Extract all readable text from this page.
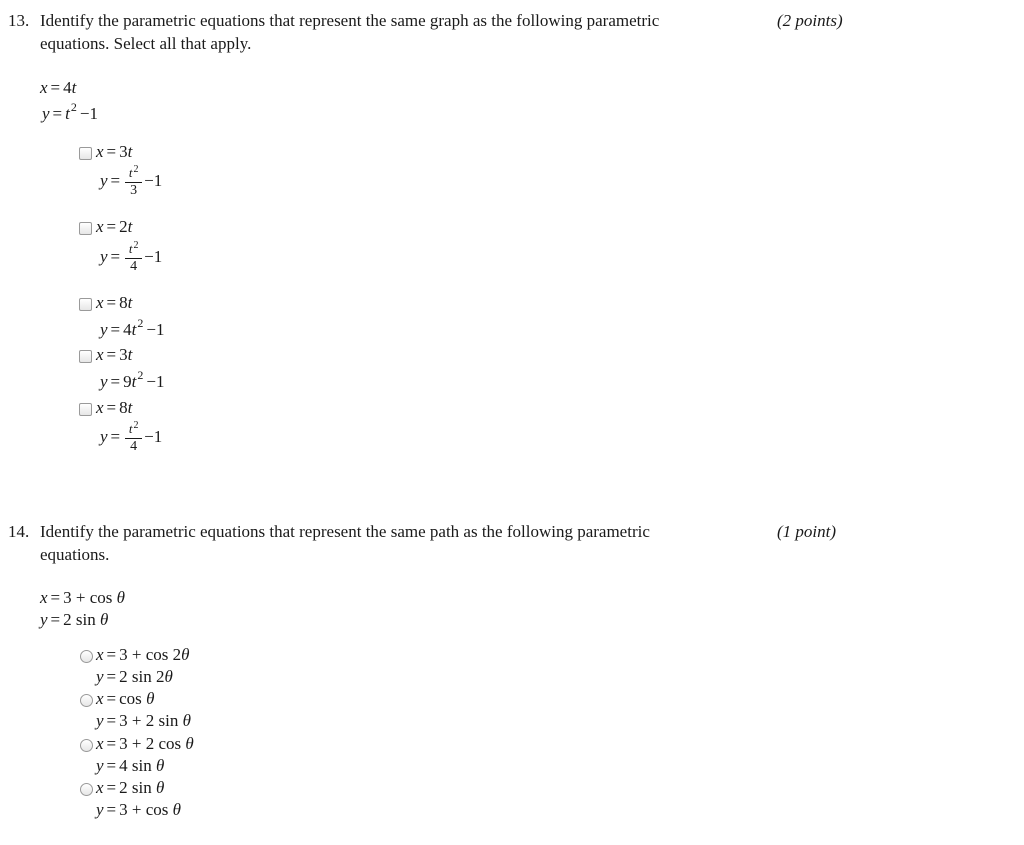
13. Identify the parametric equations that represent the same graph as the following parametric
equations. Select all that apply.
(2 points)
x = 4t
$y = t^2 -1$
x = 3t
$y = \frac{t^2}{3} -1$
x = 2t
$y = \frac{t^2}{4} -1$
x = 8t
$y = 4t^2 -1$
x = 3t
$y = 9t^2 -1$
x = 8t
$y = \frac{t^2}{4} -1$
14. Identify the parametric equations that represent the same path as the following parametric
equations.
(1 point)
x = 3 + cos θ
y = 2 sin θ
x = 3 + cos 2θ
y = 2 sin 2θ
x = cos θ
y = 3 + 2 sin θ
x = 3 + 2 cos θ
y = 4 sin θ
x = 2 sin θ
y = 3 + cos θ
